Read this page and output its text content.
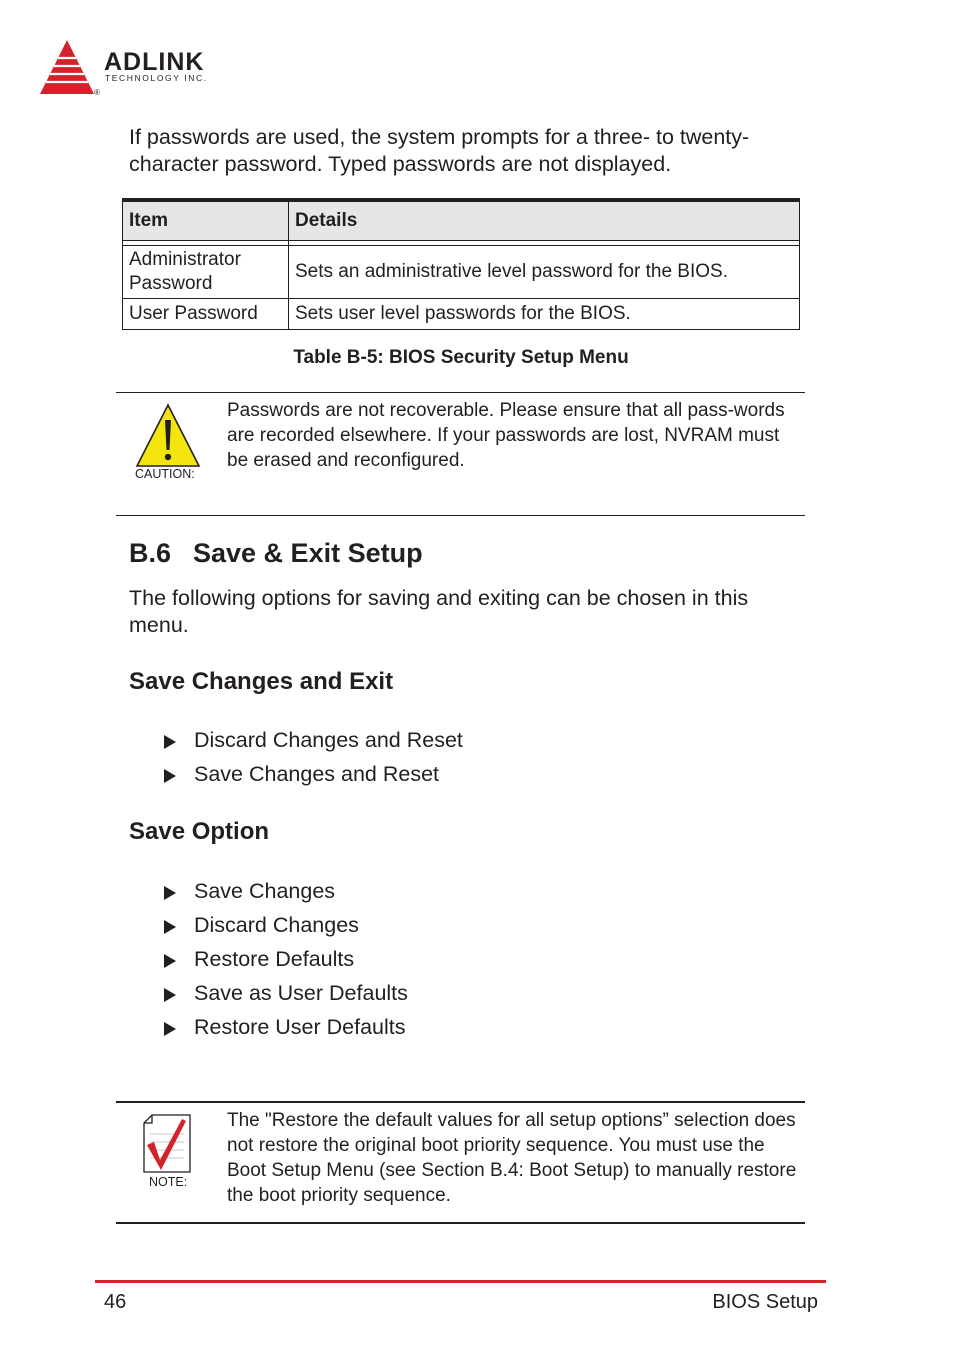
®
ADLINK
TECHNOLOGY INC.

If passwords are used, the system prompts for a three- to twenty-character password. Typed passwords are not displayed.

Item	Details

Administrator Password	Sets an administrative level password for the BIOS.
User Password	Sets user level passwords for the BIOS.
Table B-5: BIOS Security Setup Menu
CAUTION:
Passwords are not recoverable. Please ensure that all pass-words are recorded elsewhere. If your passwords are lost, NVRAM must be erased and reconfigured.
B.6 Save & Exit Setup

The following options for saving and exiting can be chosen in this menu.

Save Changes and Exit
Discard Changes and Reset
Save Changes and Reset
Save Option
Save Changes
Discard Changes
Restore Defaults
Save as User Defaults
Restore User Defaults
NOTE:
The "Restore the default values for all setup options” selection does not restore the original boot priority sequence. You must use the Boot Setup Menu (see Section B.4: Boot Setup) to manually restore the boot priority sequence.
46	BIOS Setup
